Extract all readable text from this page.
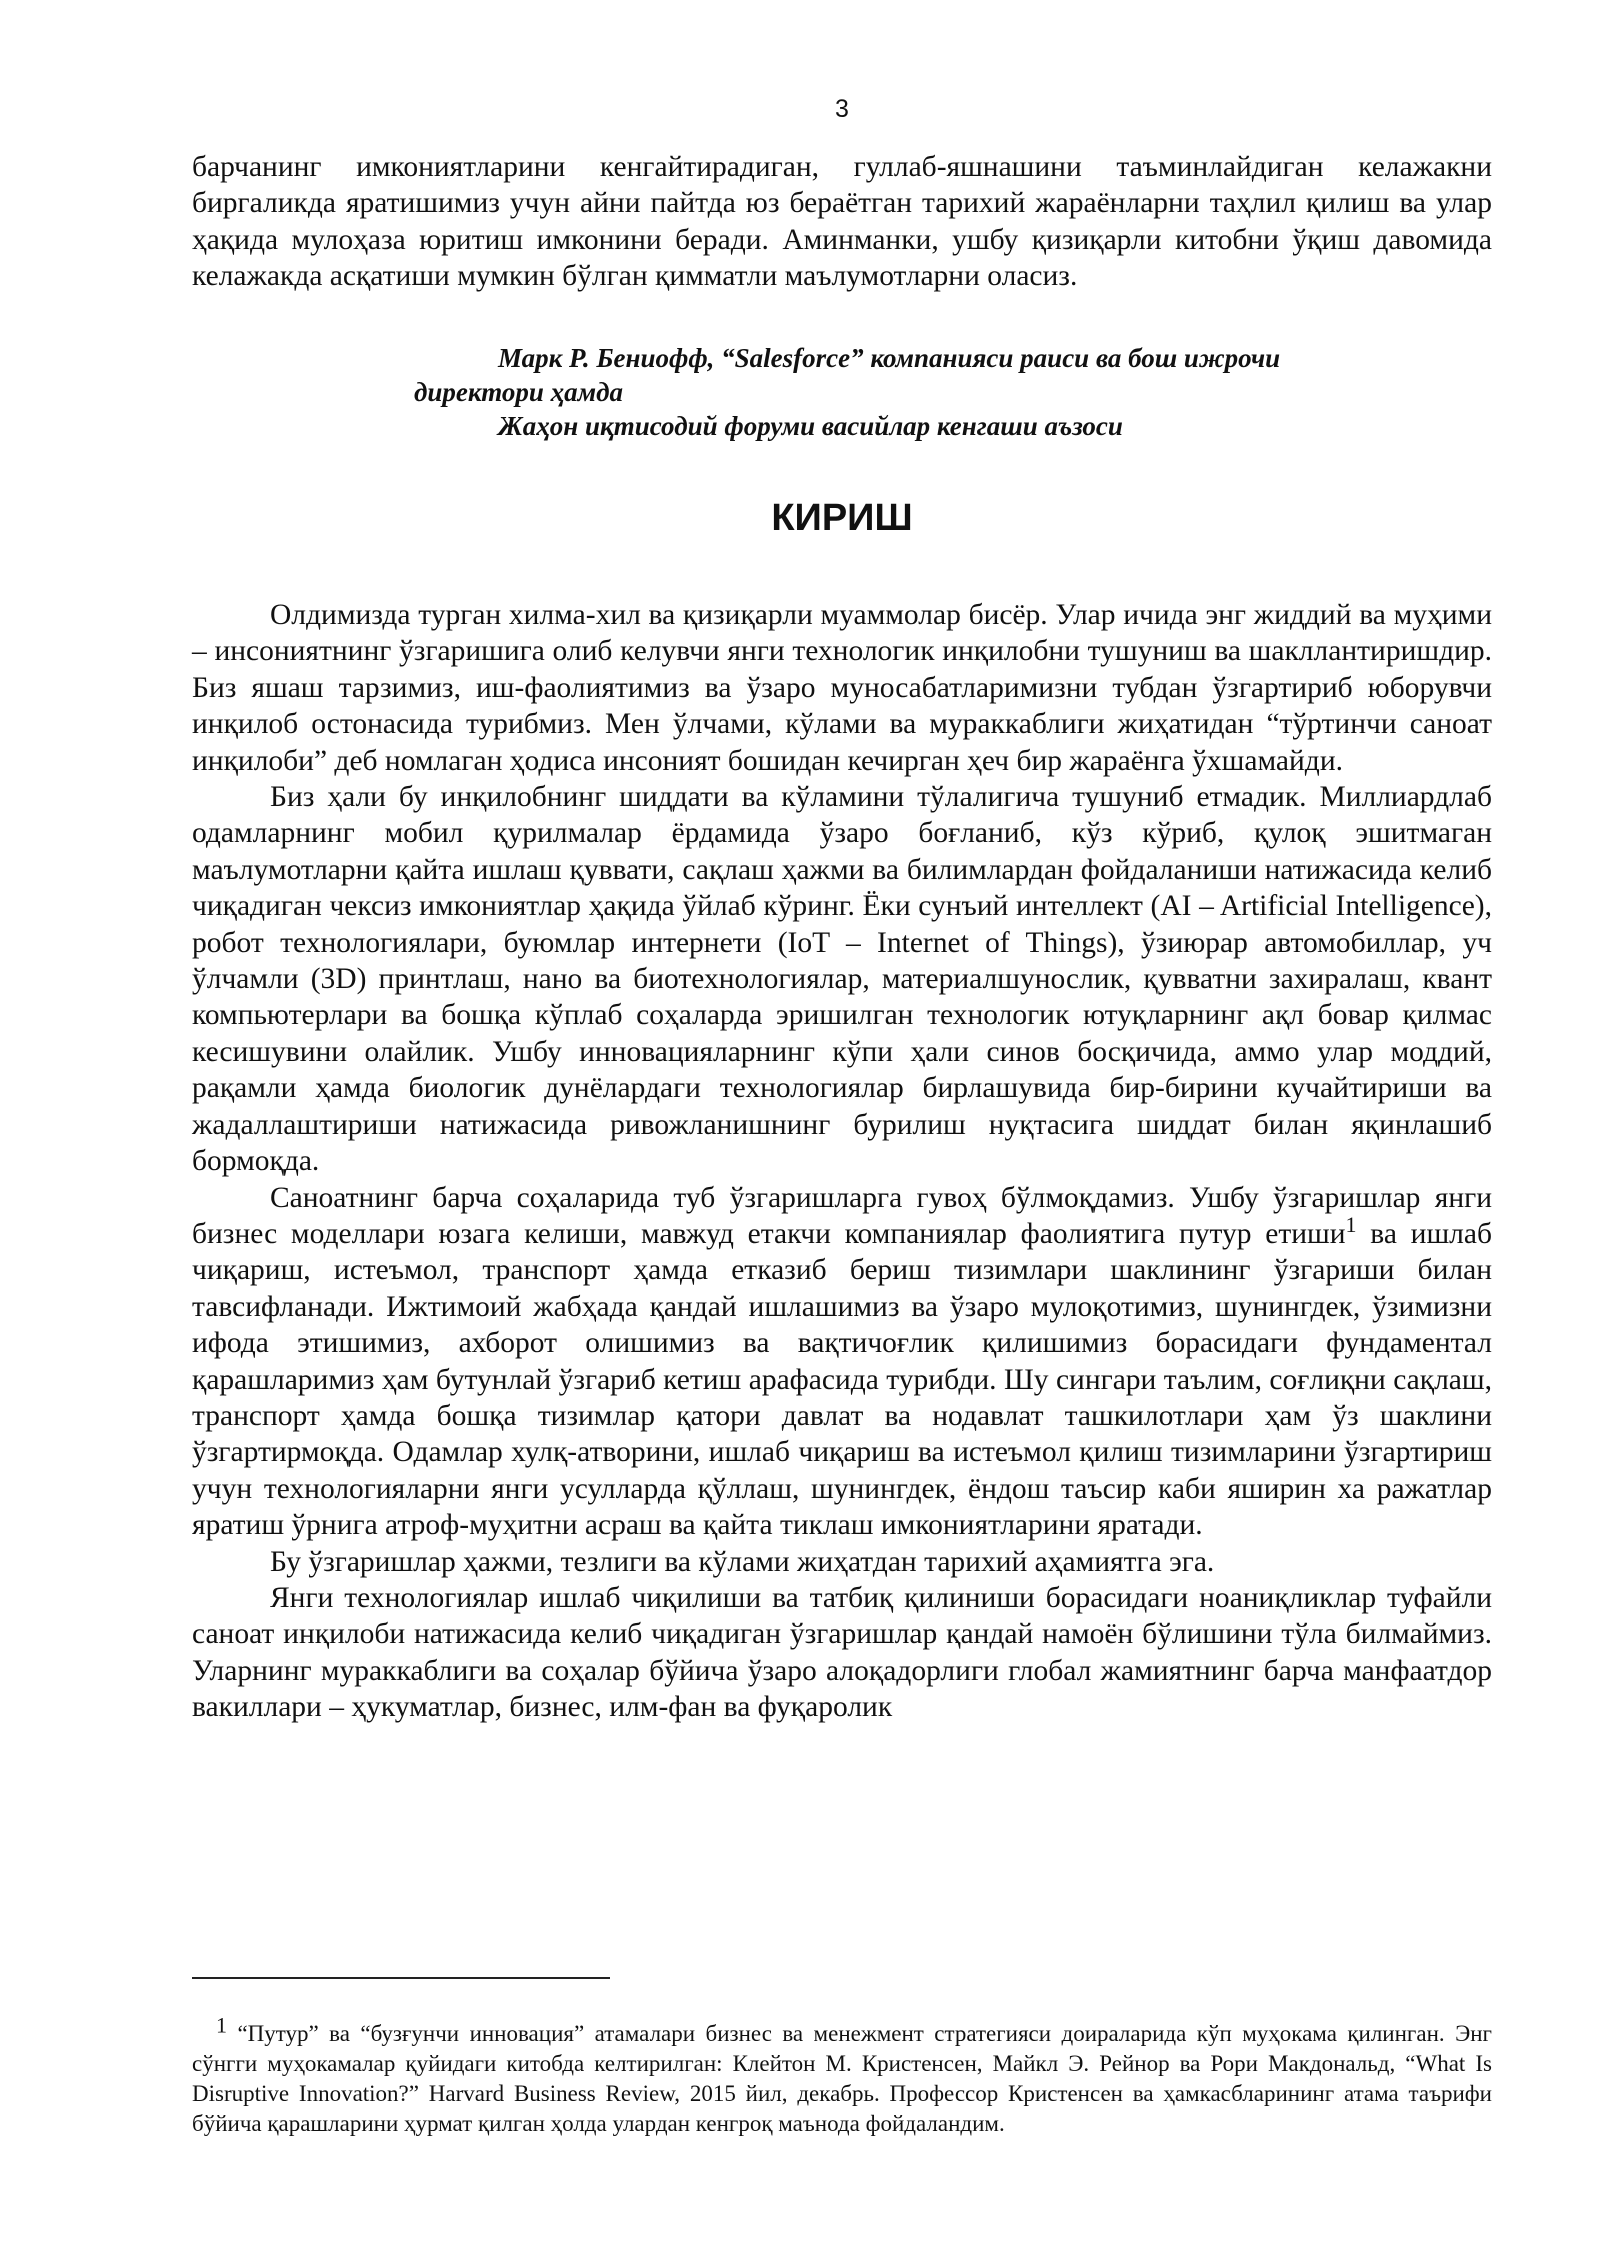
3

барчанинг имкониятларини кенгайтирадиган, гуллаб-яшнашини таъминлайдиган келажакни биргаликда яратишимиз учун айни пайтда юз бераётган тарихий жараёнларни таҳлил қилиш ва улар ҳақида мулоҳаза юритиш имконини беради. Аминманки, ушбу қизиқарли китобни ўқиш давомида келажакда асқатиши мумкин бўлган қимматли маълумотларни оласиз.

Марк Р. Бениофф, “Salesforce” компанияси раиси ва бош ижрочи
директори ҳамда
Жаҳон иқтисодий форуми васийлар кенгаши аъзоси
КИРИШ

Олдимизда турган хилма-хил ва қизиқарли муаммолар бисёр. Улар ичида энг жиддий ва муҳими – инсониятнинг ўзгаришига олиб келувчи янги технологик инқилобни тушуниш ва шакллантиришдир. Биз яшаш тарзимиз, иш-фаолиятимиз ва ўзаро муносабатларимизни тубдан ўзгартириб юборувчи инқилоб остонасида турибмиз. Мен ўлчами, кўлами ва мураккаблиги жиҳатидан “тўртинчи саноат инқилоби” деб номлаган ҳодиса инсоният бошидан кечирган ҳеч бир жараёнга ўхшамайди.

Биз ҳали бу инқилобнинг шиддати ва кўламини тўлалигича тушуниб етмадик. Миллиардлаб одамларнинг мобил қурилмалар ёрдамида ўзаро боғланиб, кўз кўриб, қулоқ эшитмаган маълумотларни қайта ишлаш қуввати, сақлаш ҳажми ва билимлардан фойдаланиши натижасида келиб чиқадиган чексиз имкониятлар ҳақида ўйлаб кўринг. Ёки сунъий интеллект (AI – Artificial Intelligence), робот технологиялари, буюмлар интернети (IoT – Internet of Things), ўзиюрар автомобиллар, уч ўлчамли (3D) принтлаш, нано ва биотехнологиялар, материалшунослик, қувватни захиралаш, квант компьютерлари ва бошқа кўплаб соҳаларда эришилган технологик ютуқларнинг ақл бовар қилмас кесишувини олайлик. Ушбу инновацияларнинг кўпи ҳали синов босқичида, аммо улар моддий, рақамли ҳамда биологик дунёлардаги технологиялар бирлашувида бир-бирини кучайтириши ва жадаллаштириши натижасида ривожланишнинг бурилиш нуқтасига шиддат билан яқинлашиб бормоқда.

Саноатнинг барча соҳаларида туб ўзгаришларга гувоҳ бўлмоқдамиз. Ушбу ўзгаришлар янги бизнес моделлари юзага келиши, мавжуд етакчи компаниялар фаолиятига путур етиши$^1$ ва ишлаб чиқариш, истеъмол, транспорт ҳамда етказиб бериш тизимлари шаклининг ўзгариши билан тавсифланади. Ижтимоий жабҳада қандай ишлашимиз ва ўзаро мулоқотимиз, шунингдек, ўзимизни ифода этишимиз, ахборот олишимиз ва вақтичоғлик қилишимиз борасидаги фундаментал қарашларимиз ҳам бутунлай ўзгариб кетиш арафасида турибди. Шу сингари таълим, соғлиқни сақлаш, транспорт ҳамда бошқа тизимлар қатори давлат ва нодавлат ташкилотлари ҳам ўз шаклини ўзгартирмоқда. Одамлар хулқ-атворини, ишлаб чиқариш ва истеъмол қилиш тизимларини ўзгартириш учун технологияларни янги усулларда қўллаш, шунингдек, ёндош таъсир каби яширин ха ражатлар яратиш ўрнига атроф-муҳитни асраш ва қайта тиклаш имкониятларини яратади.

Бу ўзгаришлар ҳажми, тезлиги ва кўлами жиҳатдан тарихий аҳамиятга эга.

Янги технологиялар ишлаб чиқилиши ва татбиқ қилиниши борасидаги ноаниқликлар туфайли саноат инқилоби натижасида келиб чиқадиган ўзгаришлар қандай намоён бўлишини тўла билмаймиз. Уларнинг мураккаблиги ва соҳалар бўйича ўзаро алоқадорлиги глобал жамиятнинг барча манфаатдор вакиллари – ҳукуматлар, бизнес, илм-фан ва фуқаролик

$^1$ “Путур” ва “бузғунчи инновация” атамалари бизнес ва менежмент стратегияси доираларида кўп муҳокама қилинган. Энг сўнгги муҳокамалар қуйидаги китобда келтирилган: Клейтон М. Кристенсен, Майкл Э. Рейнор ва Рори Макдональд, “What Is Disruptive Innovation?” Harvard Business Review, 2015 йил, декабрь. Профессор Кристенсен ва ҳамкасбларининг атама таърифи бўйича қарашларини ҳурмат қилган ҳолда улардан кенгроқ маънода фойдаландим.
